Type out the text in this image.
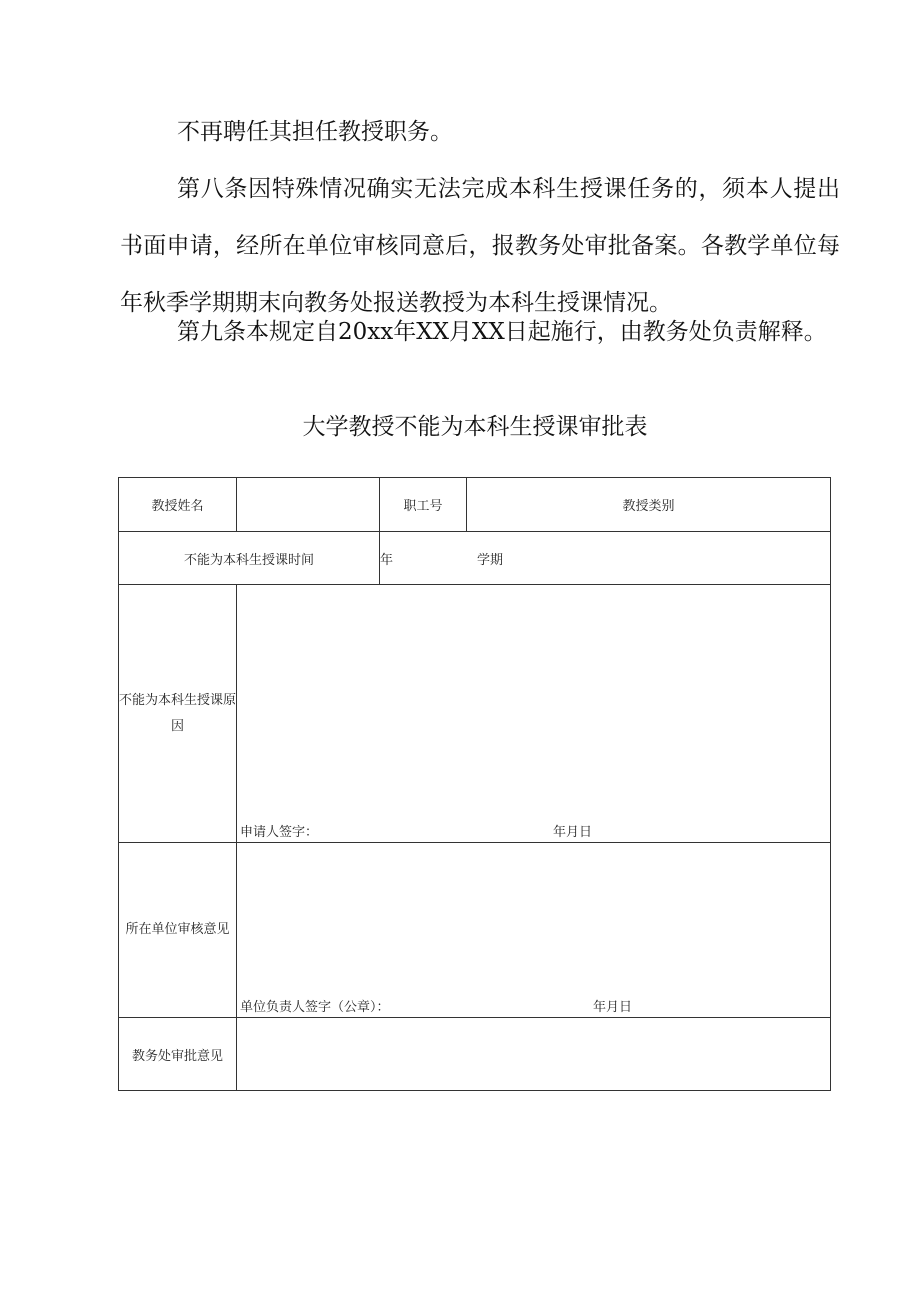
不再聘任其担任教授职务。

第八条因特殊情况确实无法完成本科生授课任务的，须本人提出书面申请，经所在单位审核同意后，报教务处审批备案。各教学单位每年秋季学期期末向教务处报送教授为本科生授课情况。

第九条本规定自20xx年XX月XX日起施行，由教务处负责解释。

大学教授不能为本科生授课审批表
教授姓名		职工号	教授类别
不能为本科生授课时间		年 学期	
不能为本科生授课原因	申请人签字： 年月日		

所在单位审核意见	单位负责人签字（公章）： 年月日		

教务处审批意见			
